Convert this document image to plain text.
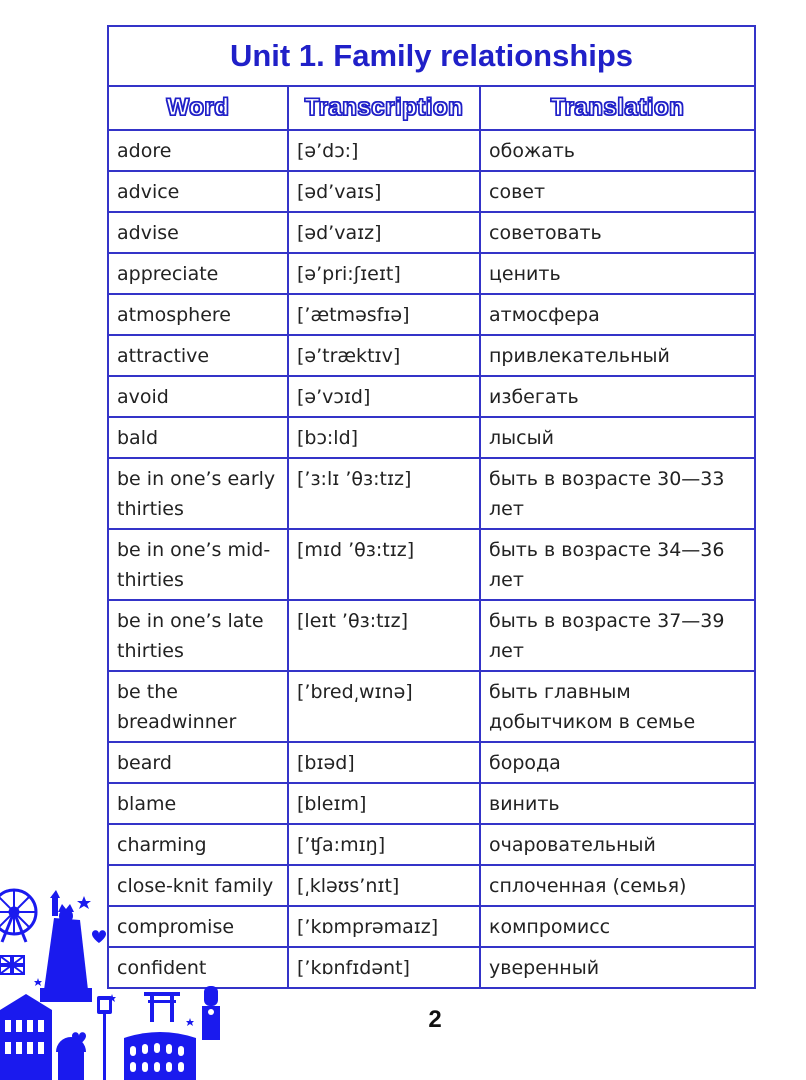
Unit 1. Family relationships		
Word	Transcription	Translation
adore	[ə’dɔ:]	обожать
advice	[əd’vaɪs]	совет
advise	[əd’vaɪz]	советовать
appreciate	[ə’pri:ʃɪeɪt]	ценить
atmosphere	[’ætməsfɪə]	атмосфера
attractive	[ə’træktɪv]	привлекательный
avoid	[ə’vɔɪd]	избегать
bald	[bɔ:ld]	лысый
be in one’s early thirties	[’ɜ:lɪ ’θɜ:tɪz]	быть в возрасте 30—33 лет
be in one’s mid-thirties	[mɪd ’θɜ:tɪz]	быть в возрасте 34—36 лет
be in one’s late thirties	[leɪt ’θɜ:tɪz]	быть в возрасте 37—39 лет
be the breadwinner	[’bred͵wɪnə]	быть главным добытчиком в семье
beard	[bɪəd]	борода
blame	[bleɪm]	винить
charming	[’ʧa:mɪŋ]	очаровательный
close-knit family	[͵kləʊs’nɪt]	сплоченная (семья)
compromise	[’kɒmprəmaɪz]	компромисс
confident	[’kɒnfɪdənt]	уверенный
2
